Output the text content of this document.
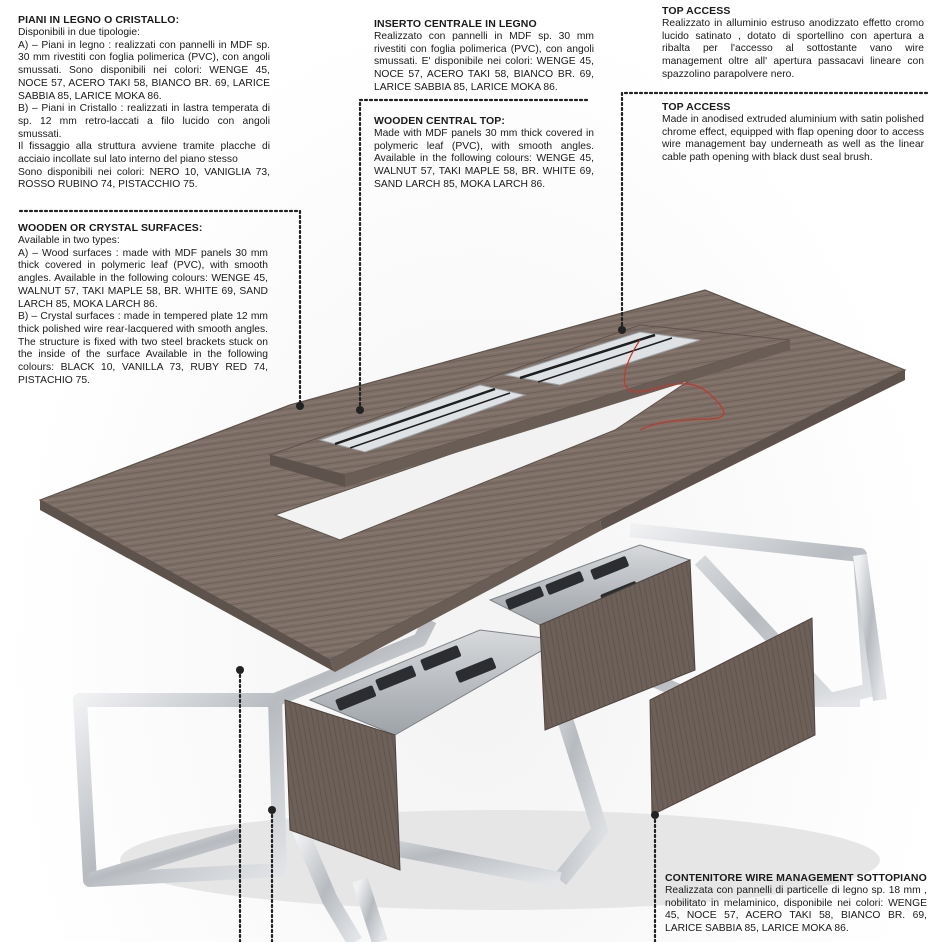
PIANI IN LEGNO O CRISTALLO:

Disponibili in due tipologie:

A) – Piani in legno : realizzati con pannelli in MDF sp. 30 mm rivestiti con foglia polimerica (PVC), con angoli smussati. Sono disponibili nei colori: WENGE 45, NOCE 57, ACERO TAKI 58, BIANCO BR. 69, LARICE SABBIA 85, LARICE MOKA 86.

B) – Piani in Cristallo : realizzati in lastra temperata di sp. 12 mm retro-laccati a filo lucido con angoli smussati.

Il fissaggio alla struttura avviene tramite placche di acciaio incollate sul lato interno del piano stesso

Sono disponibili nei colori: NERO 10, VANIGLIA 73, ROSSO RUBINO 74, PISTACCHIO 75.

WOODEN OR CRYSTAL SURFACES:

Available in two types:

A) – Wood surfaces : made with MDF panels 30 mm thick covered in polymeric leaf (PVC), with smooth angles. Available in the following colours: WENGE 45, WALNUT 57, TAKI MAPLE 58, BR. WHITE 69, SAND LARCH 85, MOKA LARCH 86.

B) – Crystal surfaces : made in tempered plate 12 mm thick polished wire rear-lacquered with smooth angles. The structure is fixed with two steel brackets stuck on the inside of the surface Available in the following colours: BLACK 10, VANILLA 73, RUBY RED 74, PISTACHIO 75.

INSERTO CENTRALE IN LEGNO

Realizzato con pannelli in MDF sp. 30 mm rivestiti con foglia polimerica (PVC), con angoli smussati. E' disponibile nei colori: WENGE 45, NOCE 57, ACERO TAKI 58, BIANCO BR. 69, LARICE SABBIA 85, LARICE MOKA 86.

WOODEN CENTRAL TOP:

Made with MDF panels 30 mm thick covered in polymeric leaf (PVC), with smooth angles. Available in the following colours: WENGE 45, WALNUT 57, TAKI MAPLE 58, BR. WHITE 69, SAND LARCH 85, MOKA LARCH 86.

TOP ACCESS

Realizzato in alluminio estruso anodizzato effetto cromo lucido satinato , dotato di sportellino con apertura a ribalta per l'accesso al sottostante vano wire management oltre all' apertura passacavi lineare con spazzolino parapolvere nero.

TOP ACCESS

Made in anodised extruded aluminium with satin polished chrome effect, equipped with flap opening door to access wire management bay underneath as well as the linear cable path opening with black dust seal brush.

CONTENITORE WIRE MANAGEMENT SOTTOPIANO

Realizzata con pannelli di particelle di legno sp. 18 mm , nobilitato in melaminico, disponibile nei colori: WENGE 45, NOCE 57, ACERO TAKI 58, BIANCO BR. 69, LARICE SABBIA 85, LARICE MOKA 86.
